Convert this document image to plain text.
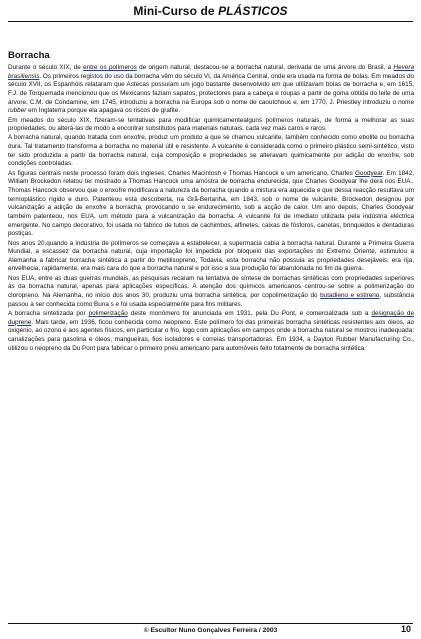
Mini-Curso de PLÁSTICOS
Borracha

Durante o século XIX, de entre os polímeros de origem natural, destacou-se a borracha natural, derivada de uma árvore do Brasil, a Hevera brasiliensis. Os primeiros registos do uso da borracha vêm do século VI, da América Central, onde era usada na forma de bolas. Em meados do século XVII, os Espanhóis relataram que Astecas possuíam um jogo bastante desenvolvido em que utilizavam bolas de borracha e, em 1615, F.J. de Torquemada mencionou que os Mexicanos faziam sapatos, protectores para a cabeça e roupas a partir de goma obtida do leite de uma árvore. C.M. de Condamine, em 1745, introduziu a borracha na Europa sob o nome de caoutchouc e, em 1770, J. Priestley introduziu o nome rubber em Inglaterra porque ela apagava os riscos de grafite.

Em meados do século XIX, fizeram-se tentativas para modificar quimicamentealguns polímeros naturais, de forma a melhorar as suas propriedades, ou alterá-las de modo a encontrar substitutos para materiais naturais, cada vez mais caros e raros.

A borracha natural, quando tratada com enxofre, produz um produto a que se chamou vulcanite, também conhecido como ebolite ou borracha dura. Tal tratamento transforma a borracha no material útil e resistente. A vulcanite é considerada como o primeiro plástico semi-sintético, visto ter sido produzida a partir da borracha natural, cuja composição e propriedades se alteravam quimicamente por adição do enxofre, sob condições controladas.

As figuras centrais neste processo foram dois ingleses, Charles Macintosh e Thomas Hancock e um americano, Charles Goodyear. Em 1842, William Brockedon relatou ter mostrado a Thomas Hancock uma amostra de borracha endurecida, que Charles Goodyear lhe dera nos EUA.. Thomas Hancock observou que o enxofre modificava a natureza da borracha quando a mistura era aquecida e que dessa reacção resultava um termoplástico rígido e duro. Patenteou esta descoberta, na Grã-Bertanha, em 1843, sob o nome de vulcanite. Brockedon designou por vulcanização a adição de enxofre à borracha, provocando o se endurecimento, sob a acção de calor. Um ano depois, Charles Goodyear também patenteou, nos EUA, um método para a vulcanização da borracha. A vulcanite foi de imediato utilizada pela indústria eléctrica emergente. No campo decorativo, foi usada no fabrico de tubos de cachimbos, alfinetes, caixas de fósforos, canetas, brinquedos e dentaduras postiças.

Nos anos 20,quando a indústria de polímeros se começava a estabelecer, a supermacia cabia à borracha natural. Durante a Primeira Guerra Mundial, a escassez da borracha natural, cuja importação foi impedida por bloqueio das exportações do Extremo Oriente, estimulou a Alemanha a fabricar borracha sintética a partir do metilisopreno, Todavia, esta borracha não possuia as propriedades desejáveis: era rija, envelhecia, rapidamente, era mais cara do que a borracha natural e por isso a sua produção foi abandonada no fim da guerra.

Nos EUA, entre as duas guerras mundiais, as pesquisas recaíam na tentativa de síntese de borrachas sintéticas com propriedades superiores às da borracha natural, apenas para aplicações específicas. A atenção dos químicos americanos centrou-se sobre a polimerização do cloropreno. Na Alemanha, no início dos anos 30, produziu uma borracha sintética, por copolimerização do butadieno e estireno, substância passou a ser conhecida como Buna s e foi usada especialmente para fins militares.

A borracha sintetizada por polimerização deste monómero foi anunciada em 1931, pela Du Pont, e comercializada sob a designação de duprene. Mais tarde, em 1936, ficou conhecida como neopreno. Este polímero foi das primeiras borracha sintéticas resistentes aos óleos, ao oxigénio, ao ozono e aos agentes físicos, em particular o frio, logo com aplicações em campos onde a borracha natural se mostrou inadequada: canalizações para gasolina e óleos, mangueiras, fios isoladores e correias transportadoras. Em 1934, a Dayton Rubber Manufacturing Co., utilizou o neopreno da Du Pont para fabricar o primeiro pneu americano para automóveis feito totalmente de borracha sintética.

© Escultor Nuno Gonçalves Ferreira / 2003	10
